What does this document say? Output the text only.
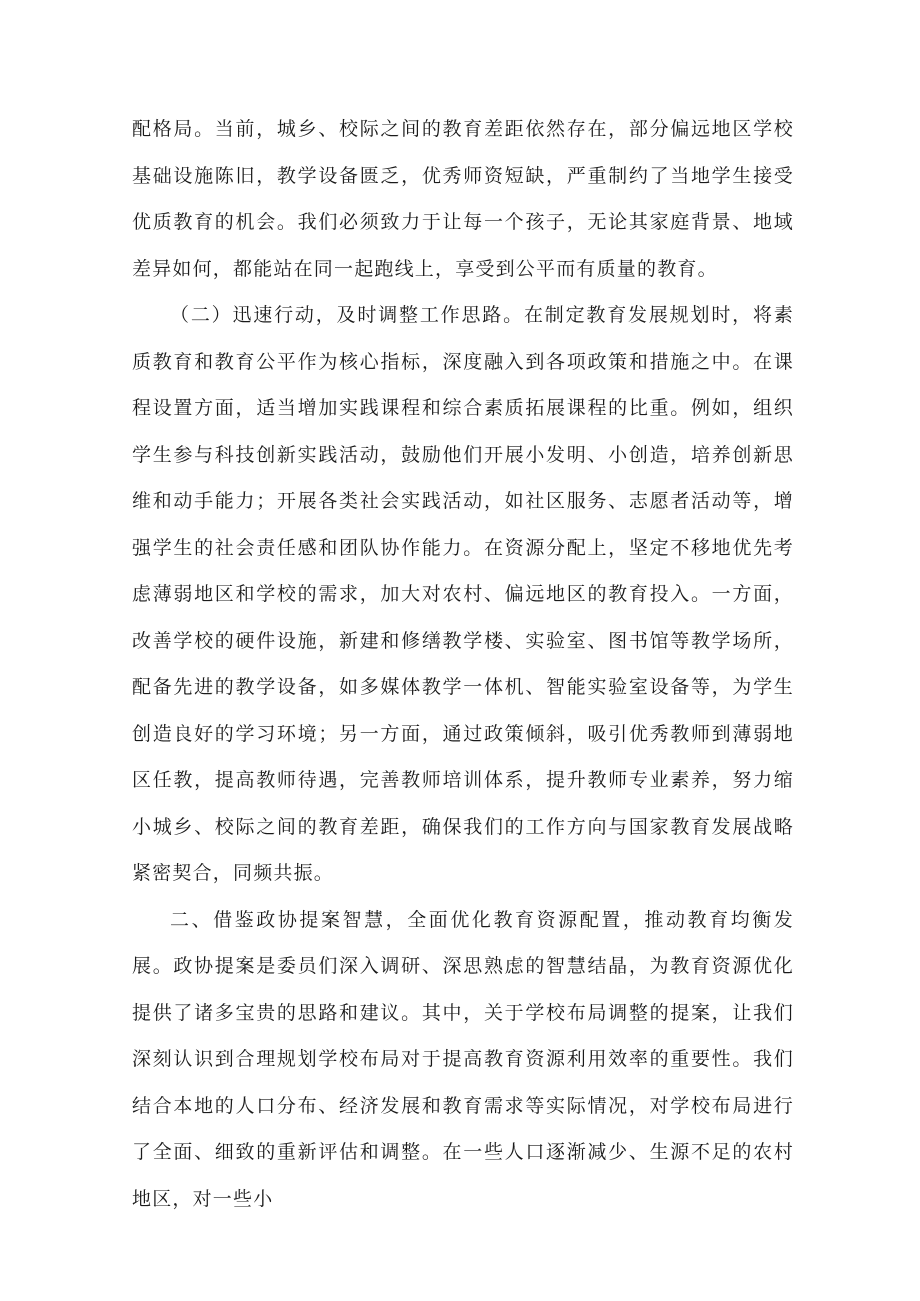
配格局。当前，城乡、校际之间的教育差距依然存在，部分偏远地区学校基础设施陈旧，教学设备匮乏，优秀师资短缺，严重制约了当地学生接受优质教育的机会。我们必须致力于让每一个孩子，无论其家庭背景、地域差异如何，都能站在同一起跑线上，享受到公平而有质量的教育。

（二）迅速行动，及时调整工作思路。在制定教育发展规划时，将素质教育和教育公平作为核心指标，深度融入到各项政策和措施之中。在课程设置方面，适当增加实践课程和综合素质拓展课程的比重。例如，组织学生参与科技创新实践活动，鼓励他们开展小发明、小创造，培养创新思维和动手能力；开展各类社会实践活动，如社区服务、志愿者活动等，增强学生的社会责任感和团队协作能力。在资源分配上，坚定不移地优先考虑薄弱地区和学校的需求，加大对农村、偏远地区的教育投入。一方面，改善学校的硬件设施，新建和修缮教学楼、实验室、图书馆等教学场所，配备先进的教学设备，如多媒体教学一体机、智能实验室设备等，为学生创造良好的学习环境；另一方面，通过政策倾斜，吸引优秀教师到薄弱地区任教，提高教师待遇，完善教师培训体系，提升教师专业素养，努力缩小城乡、校际之间的教育差距，确保我们的工作方向与国家教育发展战略紧密契合，同频共振。

二、借鉴政协提案智慧，全面优化教育资源配置，推动教育均衡发展。政协提案是委员们深入调研、深思熟虑的智慧结晶，为教育资源优化提供了诸多宝贵的思路和建议。其中，关于学校布局调整的提案，让我们深刻认识到合理规划学校布局对于提高教育资源利用效率的重要性。我们结合本地的人口分布、经济发展和教育需求等实际情况，对学校布局进行了全面、细致的重新评估和调整。在一些人口逐渐减少、生源不足的农村地区，对一些小
